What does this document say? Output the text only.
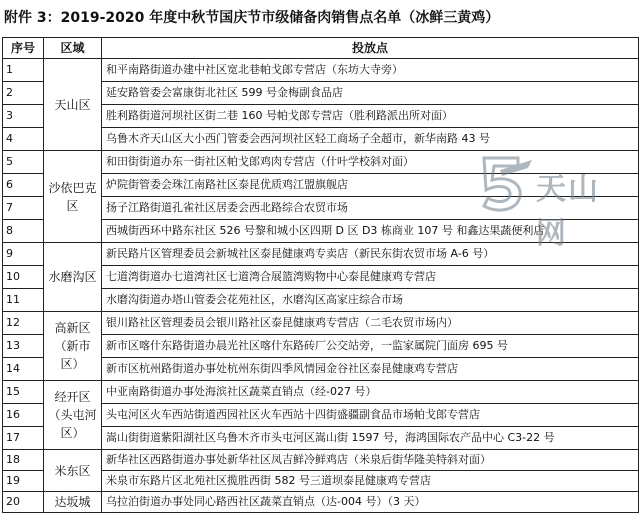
附件 3：2019-2020 年度中秋节国庆节市级储备肉销售点名单（冰鲜三黄鸡）
序号	区域	投放点
1	天山区	和平南路街道办建中社区宽北巷帕戈郎专营店（东坊大寺旁）
2		延安路管委会富康街北社区 599 号金梅副食品店
3		胜利路街道河坝社区街二巷 160 号帕戈郎专营店（胜利路派出所对面）
4		乌鲁木齐天山区大小西门管委会西河坝社区轻工商场子全超市，新华南路 43 号
5	沙依巴克区	和田街街道办东一街社区帕戈郎鸡肉专营店（什叶学校斜对面）
6		炉院街管委会珠江南路社区泰昆优质鸡江盟旗舰店
7		扬子江路街道孔雀社区居委会西北路综合农贸市场
8		西城街西环中路东社区 526 号黎和城小区四期 D 区 D3 栋商业 107 号 和鑫达果蔬便利店
9	水磨沟区	新民路片区管理委员会新城社区泰昆健康鸡专卖店（新民东街农贸市场 A-6 号）
10		七道湾街道办七道湾社区七道湾合展篮湾购物中心泰昆健康鸡专营店
11		水磨沟街道办塔山管委会花苑社区，水磨沟区高家庄综合市场
12	高新区（新市区）	银川路社区管理委员会银川路社区泰昆健康鸡专营店（二毛农贸市场内）
13		新市区喀什东路街道办晨光社区喀什东路砖厂公交站旁，一监家属院门面房 695 号
14		新市区杭州路街道办事处杭州东街四季风情园金谷社区泰昆健康鸡专营店
15	经开区（头屯河区）	中亚南路街道办事处海滨社区蔬菜直销点（经-027 号）
16		头屯河区火车西站街道西园社区火车西站十四街盛疆副食品市场帕戈郎专营店
17		嵩山街街道紫阳湖社区乌鲁木齐市头屯河区嵩山街 1597 号，海鸿国际农产品中心 C3-22 号
18	米东区	新华社区西路街道办事处新华社区凤吉鲜冷鲜鸡店（米泉后街华隆美特斜对面）
19		米泉市东路片区北苑社区揽胜西街 582 号三道坝泰昆健康鸡专营店
20	达坂城	乌拉泊街道办事处同心路西社区蔬菜直销点（达-004 号）（3 天）
天山网
